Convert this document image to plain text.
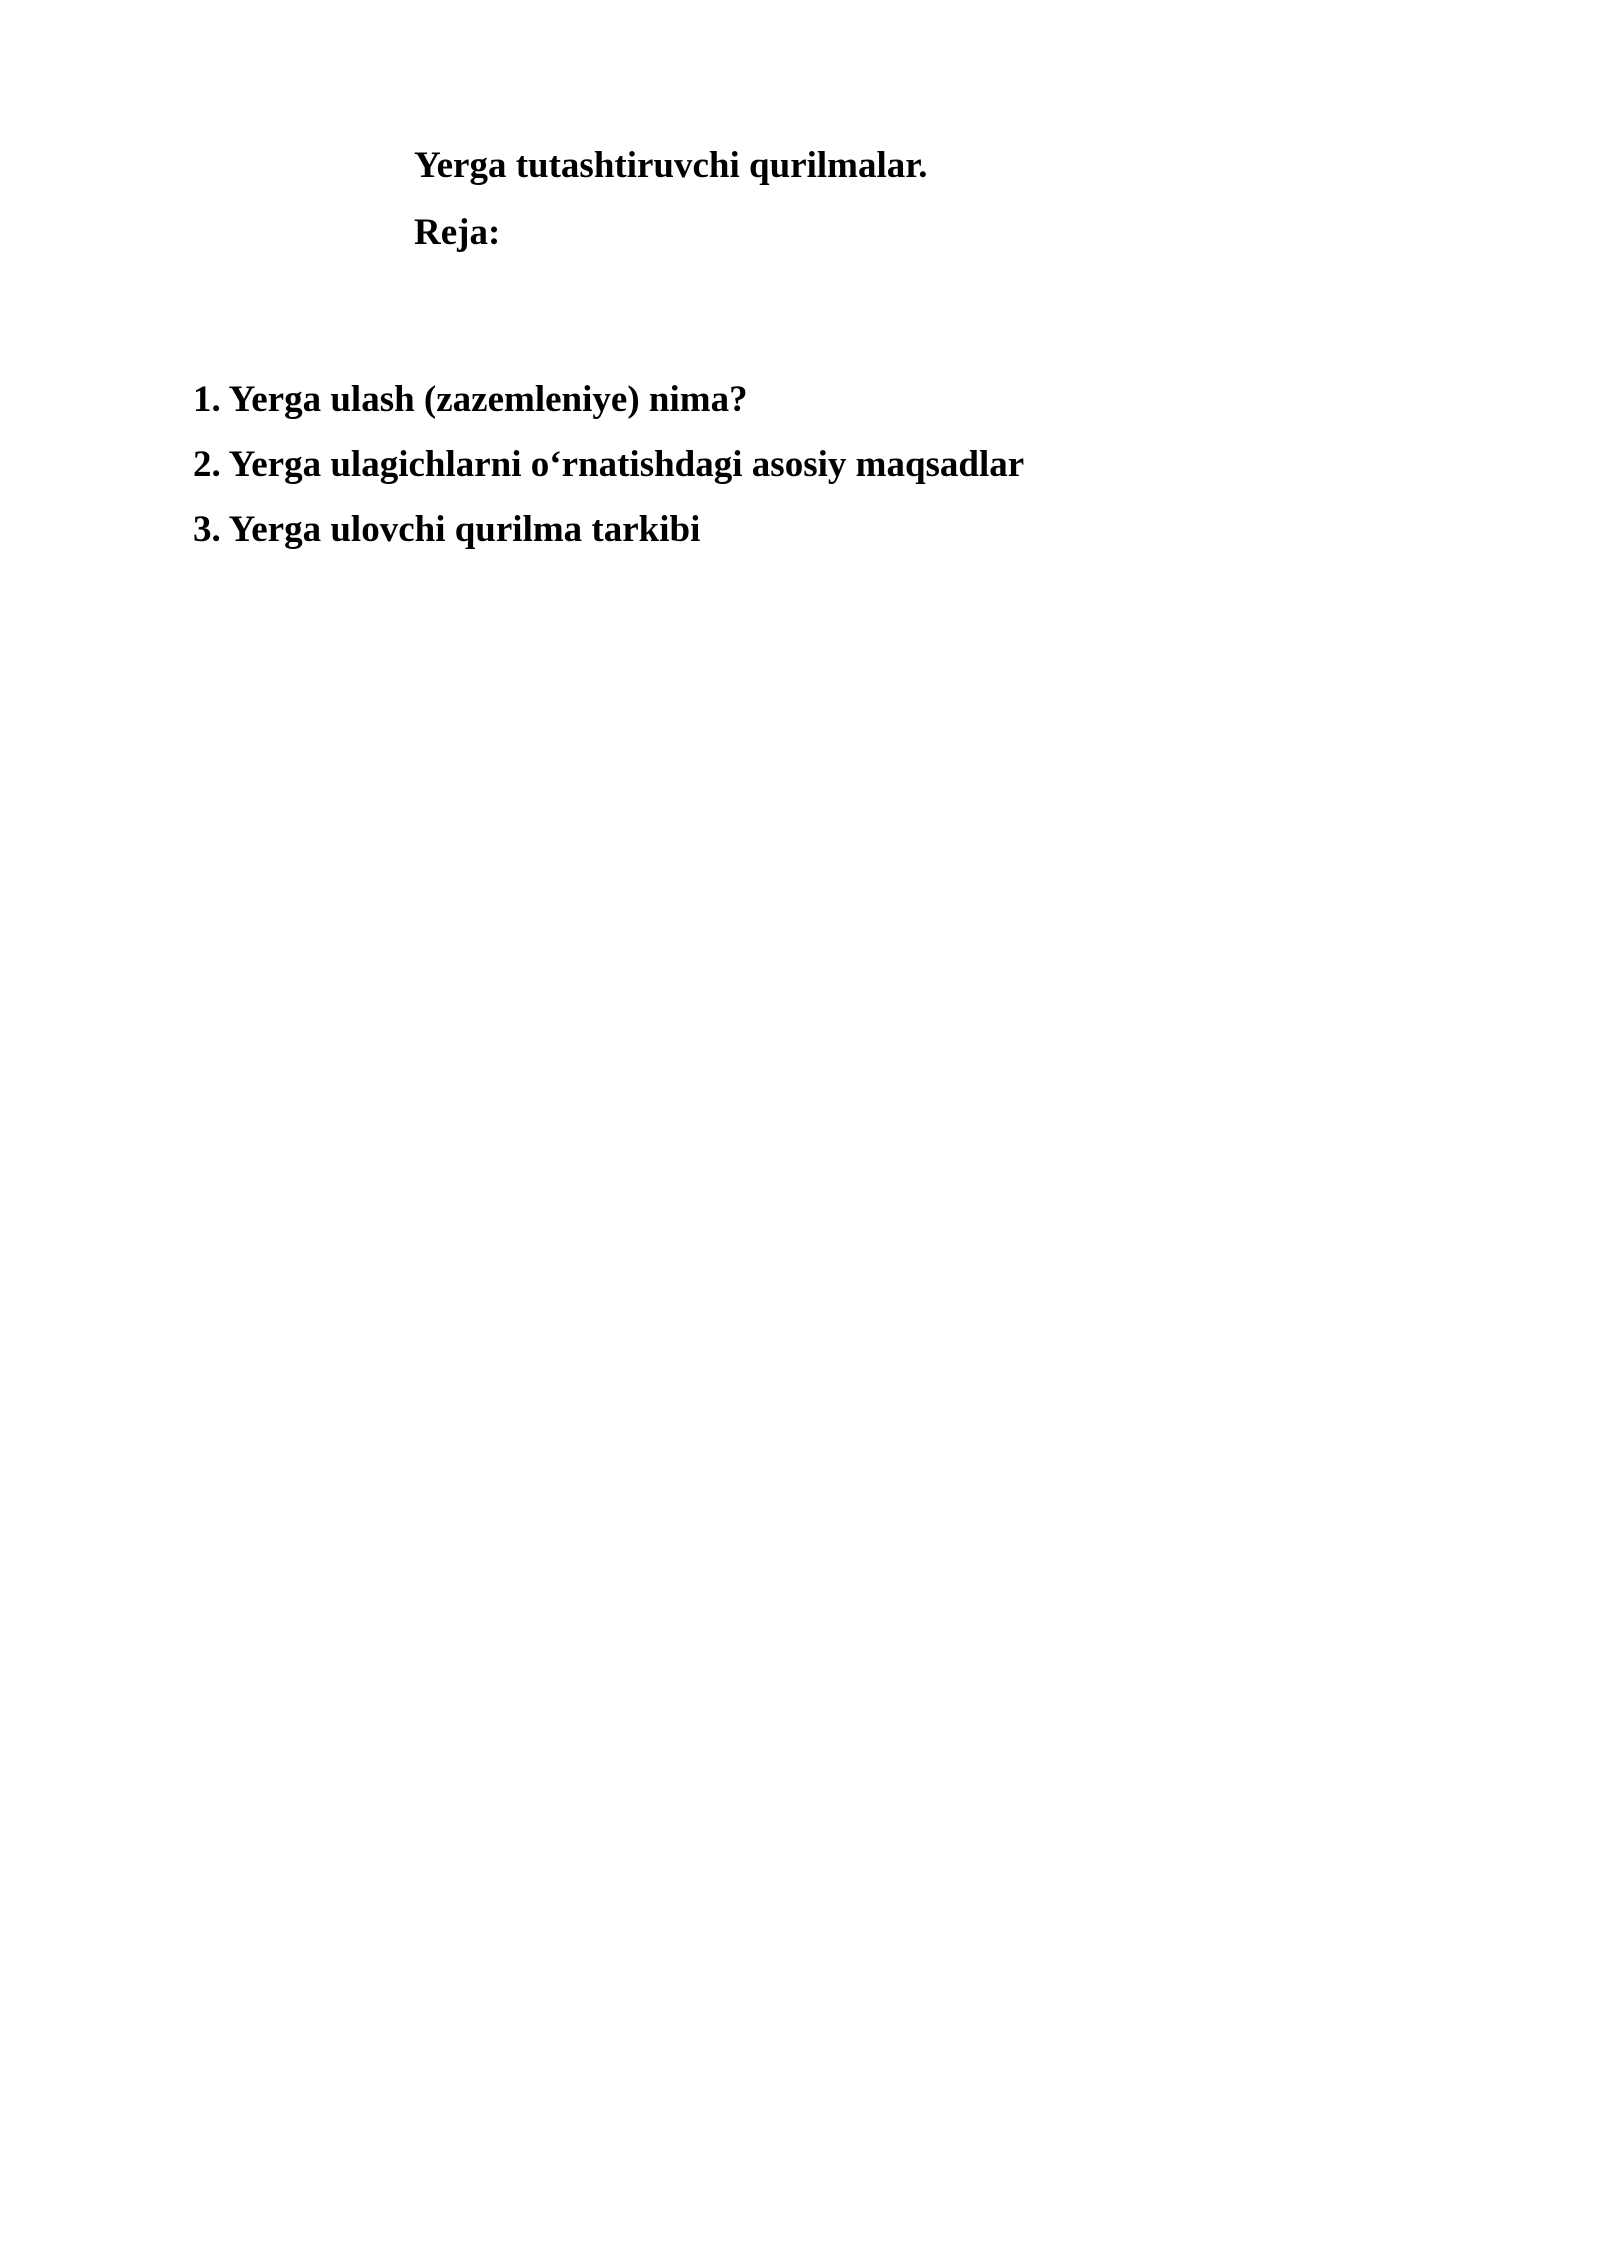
Yerga tutashtiruvchi qurilmalar.

Reja:

1. Yerga ulash (zazemleniye) nima?
2. Yerga ulagichlarni o‘rnatishdagi asosiy maqsadlar
3. Yerga ulovchi qurilma tarkibi
